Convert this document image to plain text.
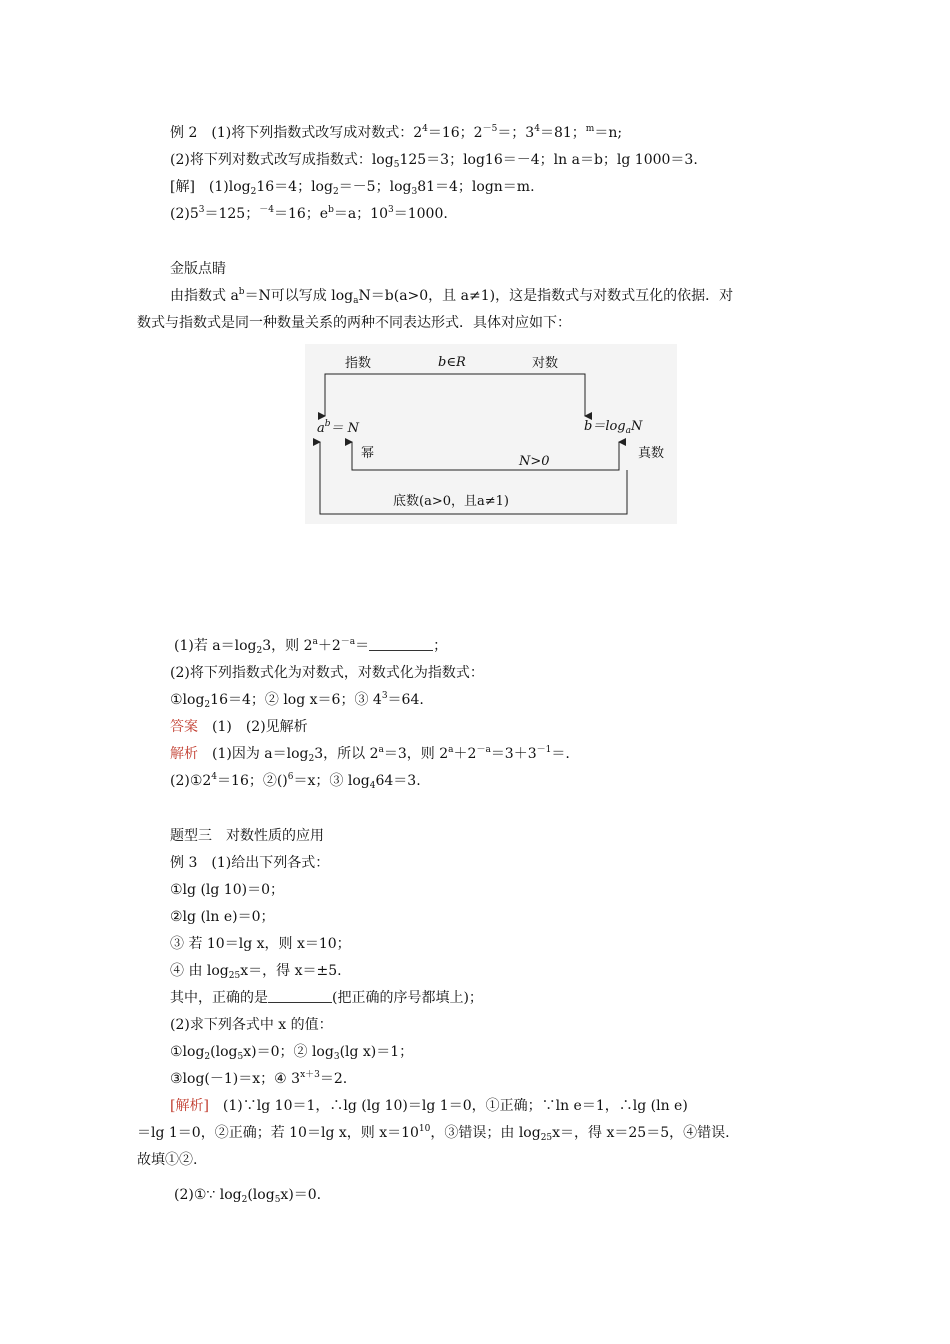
例 2　(1)将下列指数式改写成对数式：$2^4=16$；$2^{-5}=$；$3^4=81$；$^m$＝n;
(2)将下列对数式改写成指数式：$\log_5125=3$；log16＝－4；ln a＝b；lg 1000＝3.
[解]　$(1)\log_216=4$；$\log_2=-5$；$\log_381=4$；logn＝m.
$(2)5^3=125$；$^{-4}$＝16；$e^b=a$；$10^3=1000$.
金版点睛
由指数式 $a^b=N$可以写成 $\log_aN=b(a>0$，且 a≠1)，这是指数式与对数式互化的依据．对
数式与指数式是同一种数量关系的两种不同表达形式．具体对应如下：
指数	b∈R	对数
$a^b= N$	$b=\log_aN$
幂
N>0
真数
底数(a>0，且a≠1)
(1)若 $a=\log_23$，则 $2^a+2^{-a}=$	；
(2)将下列指数式化为对数式，对数式化为指数式：
$①\log_216=4$；② log x＝6；③ $4^3=64$.
答案　(1)　(2)见解析
解析　(1)因为 $a=\log_23$，所以 $2^a=3$，则 $2^a+2^{-a}=3+3^{-1}=$.
$(2)①2^4=16$；②()$^6$＝x；③ $\log_464=3$.
题型三　对数性质的应用
例 3　(1)给出下列各式：
①lg (lg 10)＝0；
②lg (ln e)＝0；
③ 若 10＝lg x，则 x＝10；
④ 由 $\log_{25}x=$，得 x＝±5.
其中，正确的是	(把正确的序号都填上)；
(2)求下列各式中 x 的值：
$①\log_2(\log_5x)=0$；② $\log_3(\lg$ x)＝1；
③log(－1)＝x；④ $3^{x+3}=2$.
[解析]　(1)∵lg 10＝1，∴lg (lg 10)＝lg 1＝0，①正确；∵ln e＝1，∴lg (ln e)
＝lg 1＝0，②正确；若 10＝lg x，则 $x=10^{10}$，③错误；由 $\log_{25}x=$，得 x＝25＝5，④错误.
故填①②.
(2)①∵ $\log_2(\log_5x)=0$.
